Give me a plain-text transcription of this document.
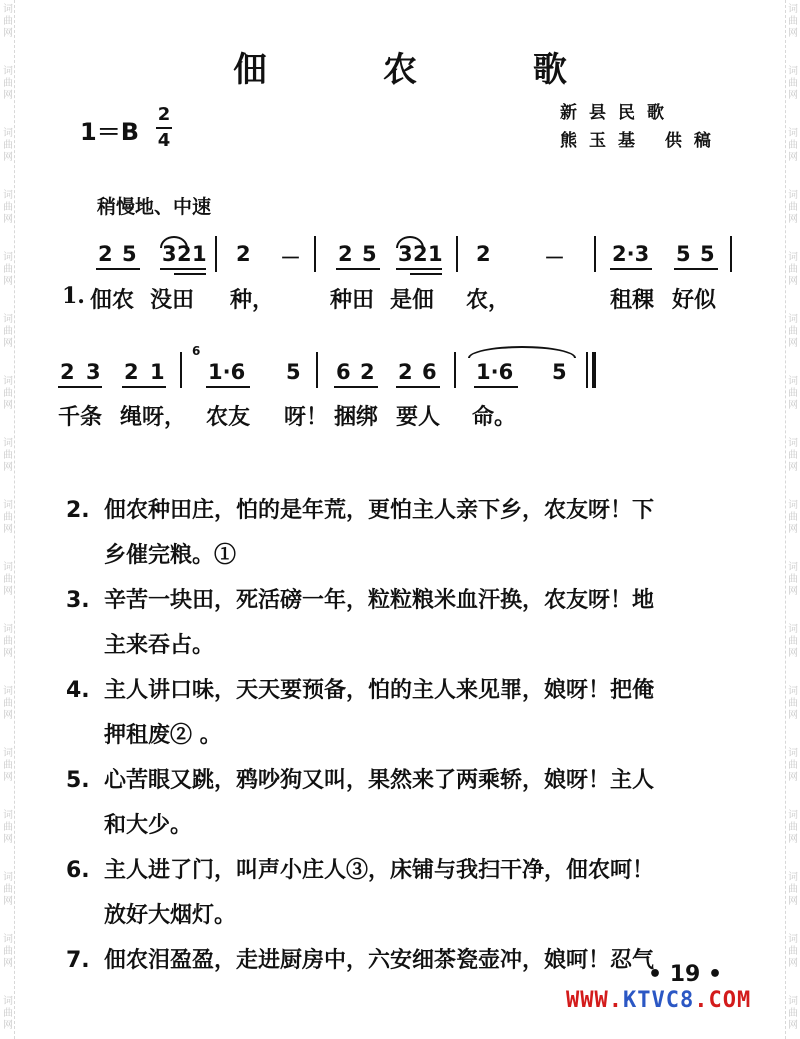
词
曲
网
词
曲
网
词
曲
网
词
曲
网
词
曲
网
词
曲
网
词
曲
网
词
曲
网
词
曲
网
词
曲
网
词
曲
网
词
曲
网
词
曲
网
词
曲
网
词
曲
网
词
曲
网
词
曲
网
词
曲
网
词
曲
网
词
曲
网
词
曲
网
词
曲
网
词
曲
网
词
曲
网
词
曲
网
词
曲
网
词
曲
网
词
曲
网
词
曲
网
词
曲
网
词
曲
网
词
曲
网
词
曲
网
词
曲
网
佃 农 歌
1＝B
2
4
新县民歌
熊玉基 供稿
稍慢地、中速
2 5 3 2 1 2 － 2 5 3 2 1 2	－ 2·3 5 5
1. 佃农 没田 种，	种田 是佃 农，	租稞 好似
2 3 2 1
6
1·6 5 6 2 2 6 1·6 5
千条 绳呀， 农友 呀！ 捆绑 要人 命。
2. 佃农种田庄，怕的是年荒，更怕主人亲下乡，农友呀！下
乡催完粮。①
3. 辛苦一块田，死活磅一年，粒粒粮米血汗换，农友呀！地
主来吞占。
4. 主人讲口味，天天要预备，怕的主人来见罪，娘呀！把俺
押租废② 。
5. 心苦眼又跳，鸦吵狗又叫，果然来了两乘轿，娘呀！主人
和大少。
6. 主人进了门，叫声小庄人③，床铺与我扫干净，佃农呵！
放好大烟灯。
7. 佃农泪盈盈，走进厨房中，六安细茶瓷壶冲，娘呵！忍气
• 19 •
WWW.KTVC8.COM
